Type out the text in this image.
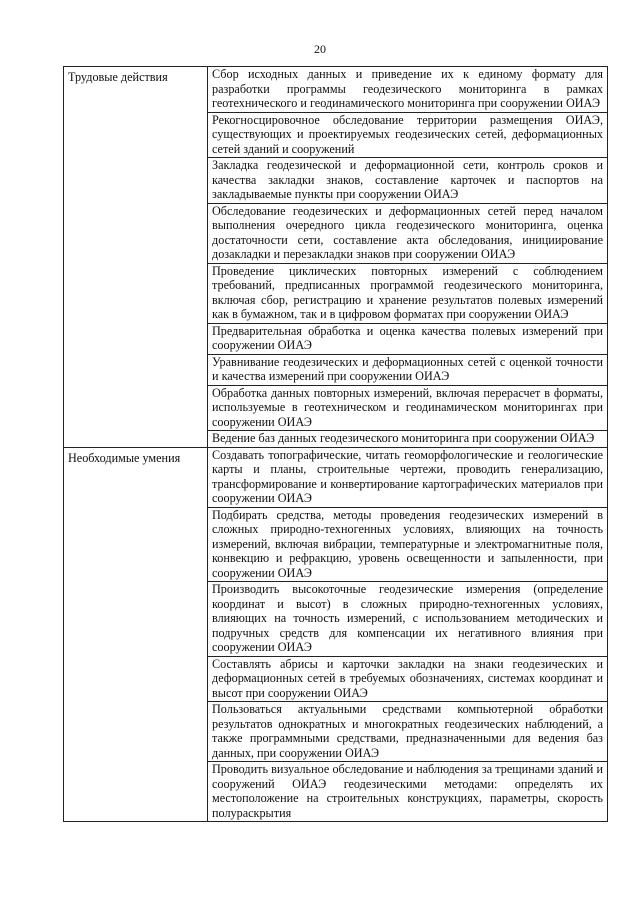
20
Трудовые действия	Сбор исходных данных и приведение их к единому формату для разработки программы геодезического мониторинга в рамках геотехнического и геодинамического мониторинга при сооружении ОИАЭ
	Рекогносцировочное обследование территории размещения ОИАЭ, существующих и проектируемых геодезических сетей, деформационных сетей зданий и сооружений
	Закладка геодезической и деформационной сети, контроль сроков и качества закладки знаков, составление карточек и паспортов на закладываемые пункты при сооружении ОИАЭ
	Обследование геодезических и деформационных сетей перед началом выполнения очередного цикла геодезического мониторинга, оценка достаточности сети, составление акта обследования, инициирование дозакладки и перезакладки знаков при сооружении ОИАЭ
	Проведение циклических повторных измерений с соблюдением требований, предписанных программой геодезического мониторинга, включая сбор, регистрацию и хранение результатов полевых измерений как в бумажном, так и в цифровом форматах при сооружении ОИАЭ
	Предварительная обработка и оценка качества полевых измерений при сооружении ОИАЭ
	Уравнивание геодезических и деформационных сетей с оценкой точности и качества измерений при сооружении ОИАЭ
	Обработка данных повторных измерений, включая перерасчет в форматы, используемые в геотехническом и геодинамическом мониторингах при сооружении ОИАЭ
	Ведение баз данных геодезического мониторинга при сооружении ОИАЭ
Необходимые умения	Создавать топографические, читать геоморфологические и геологические карты и планы, строительные чертежи, проводить генерализацию, трансформирование и конвертирование картографических материалов при сооружении ОИАЭ
	Подбирать средства, методы проведения геодезических измерений в сложных природно-техногенных условиях, влияющих на точность измерений, включая вибрации, температурные и электромагнитные поля, конвекцию и рефракцию, уровень освещенности и запыленности, при сооружении ОИАЭ
	Производить высокоточные геодезические измерения (определение координат и высот) в сложных природно-техногенных условиях, влияющих на точность измерений, с использованием методических и подручных средств для компенсации их негативного влияния при сооружении ОИАЭ
	Составлять абрисы и карточки закладки на знаки геодезических и деформационных сетей в требуемых обозначениях, системах координат и высот при сооружении ОИАЭ
	Пользоваться актуальными средствами компьютерной обработки результатов однократных и многократных геодезических наблюдений, а также программными средствами, предназначенными для ведения баз данных, при сооружении ОИАЭ
	Проводить визуальное обследование и наблюдения за трещинами зданий и сооружений ОИАЭ геодезическими методами: определять их местоположение на строительных конструкциях, параметры, скорость полураскрытия
